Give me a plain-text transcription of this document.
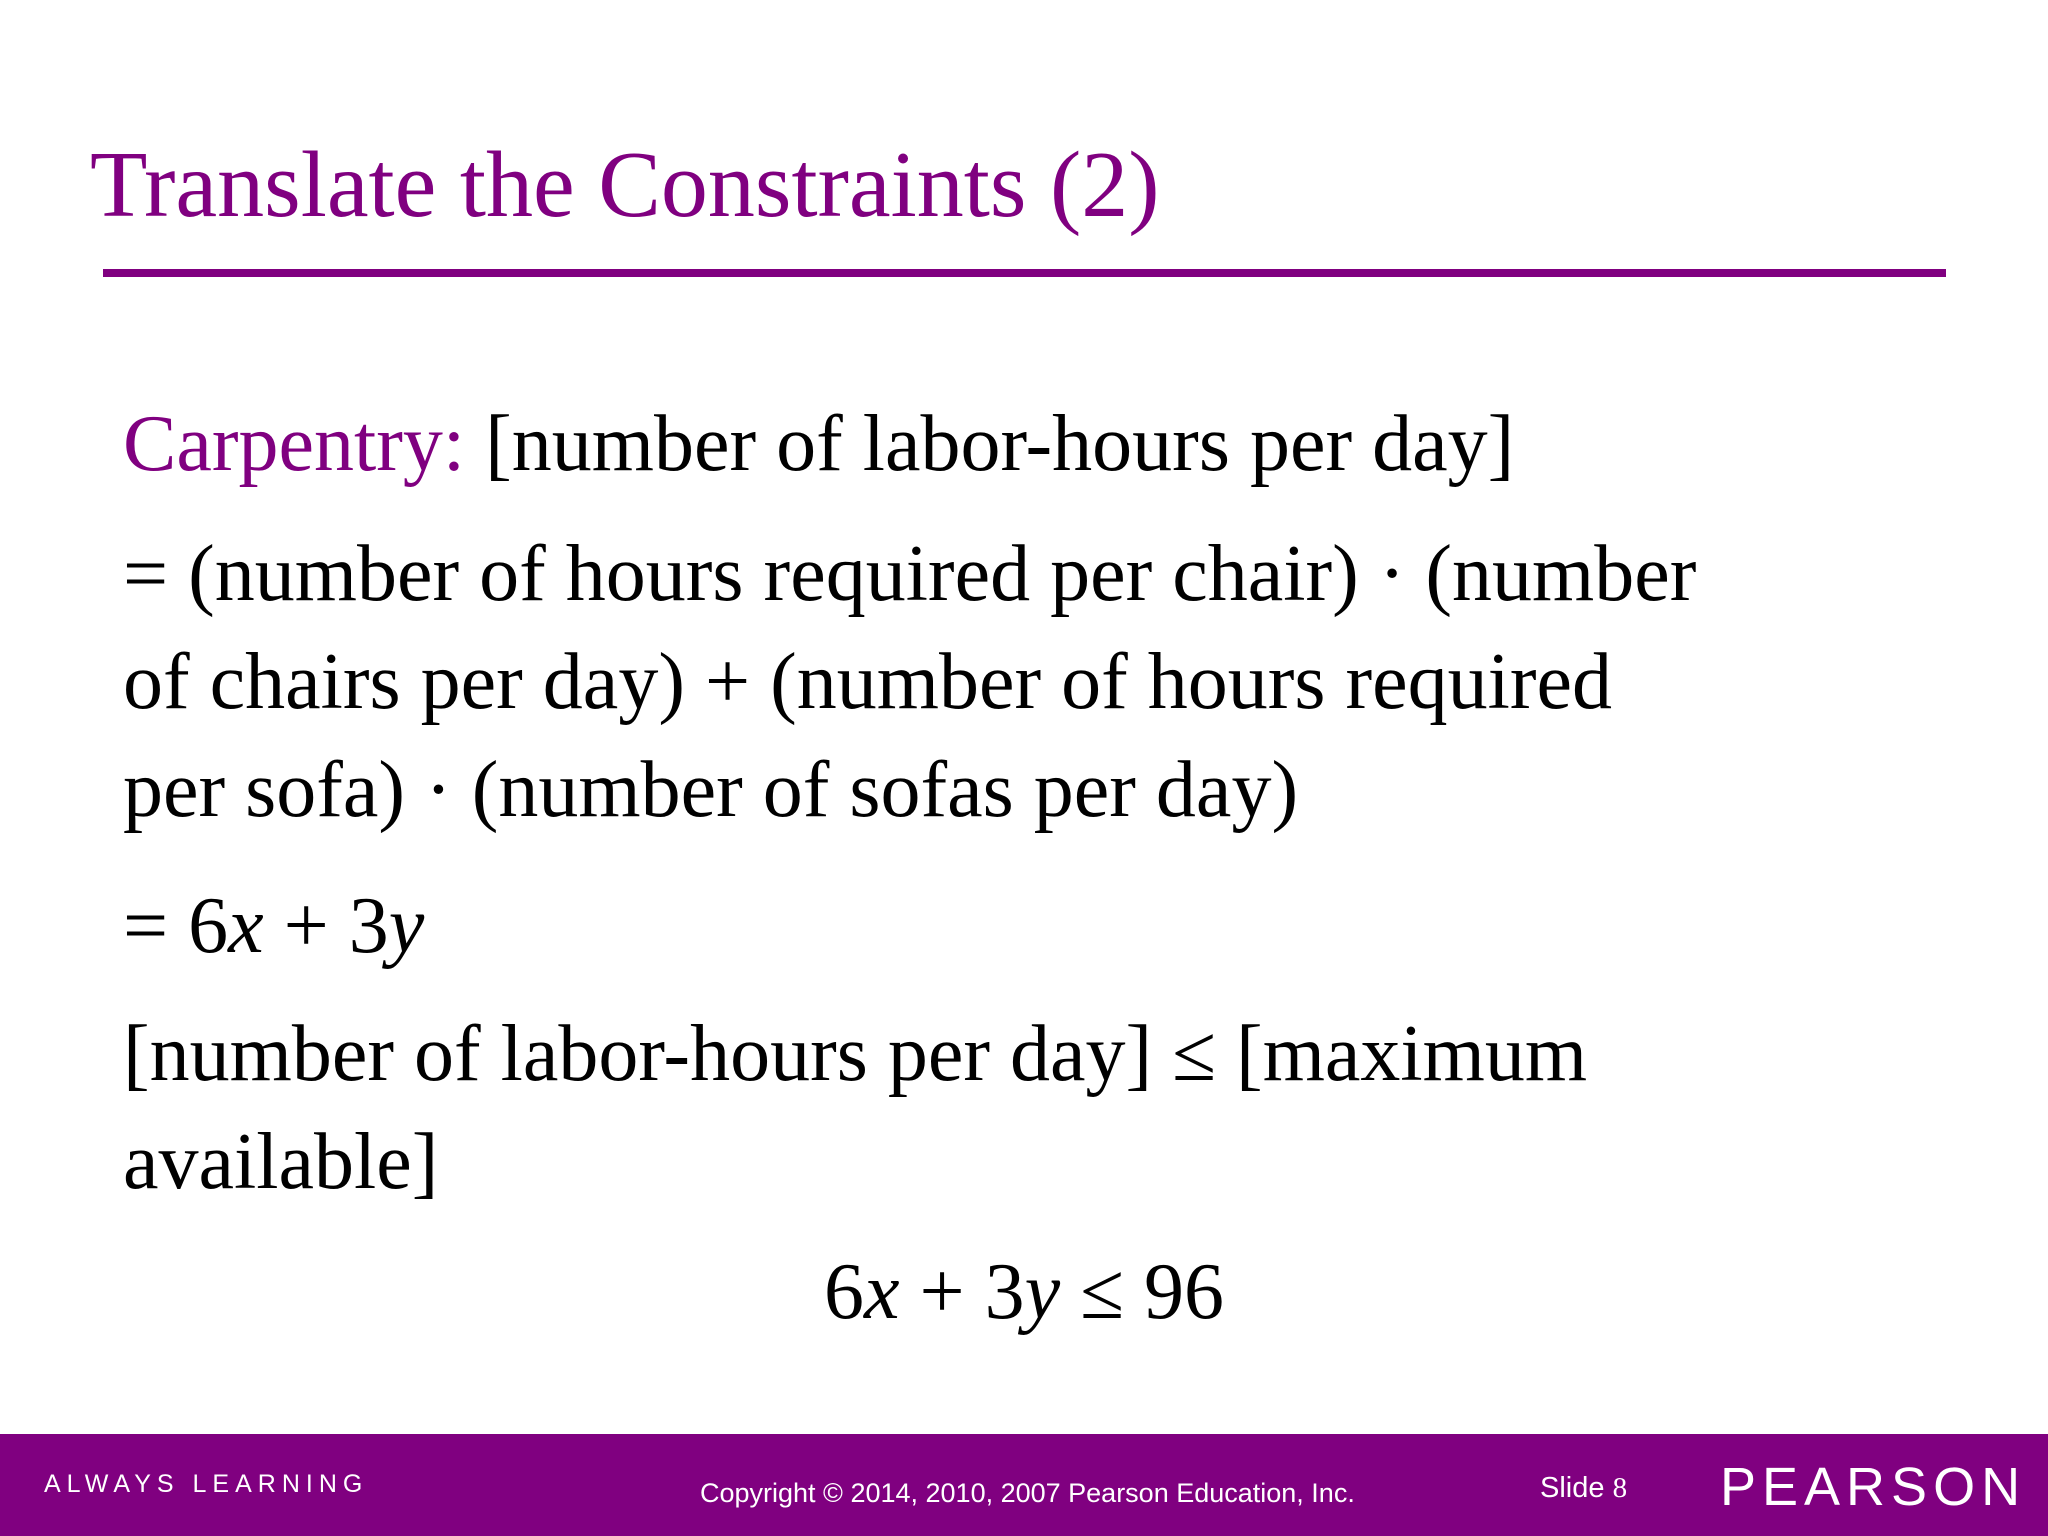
Translate the Constraints (2)
Carpentry: [number of labor-hours per day]
= (number of hours required per chair) · (number
of chairs per day) + (number of hours required
per sofa) · (number of sofas per day)
= 6x + 3y
[number of labor-hours per day] ≤ [maximum
available]
6x + 3y ≤ 96
ALWAYS LEARNING	Copyright © 2014, 2010, 2007 Pearson Education, Inc.	Slide 8 PEARSON
